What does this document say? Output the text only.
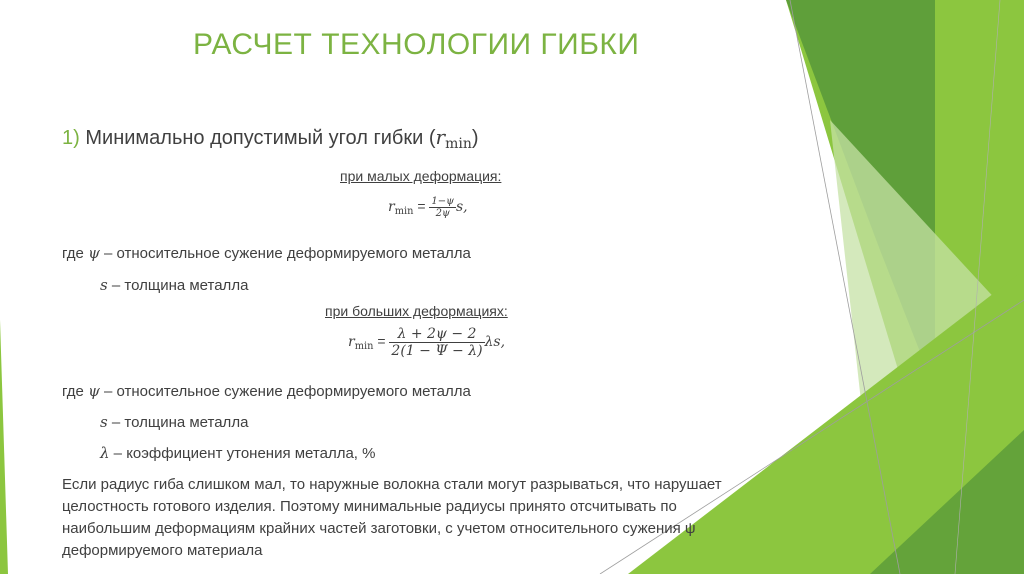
РАСЧЕТ ТЕХНОЛОГИИ ГИБКИ
1) Минимально допустимый угол гибки $(r_{min})$
при малых деформация:
$r_{min} = \frac{1-\psi}{2\psi} s$,
где ψ – относительное сужение деформируемого металла
s – толщина металла
при больших деформациях:
$r_{min} = \frac{\lambda + 2\psi - 2}{2(1 - \Psi - \lambda)} \lambda s$,
где ψ – относительное сужение деформируемого металла
s – толщина металла
λ – коэффициент утонения металла, %
Если радиус гиба слишком мал, то наружные волокна стали могут разрываться, что нарушает целостность готового изделия. Поэтому минимальные радиусы принято отсчитывать по наибольшим деформациям крайних частей заготовки, с учетом относительного сужения ψ деформируемого материала
